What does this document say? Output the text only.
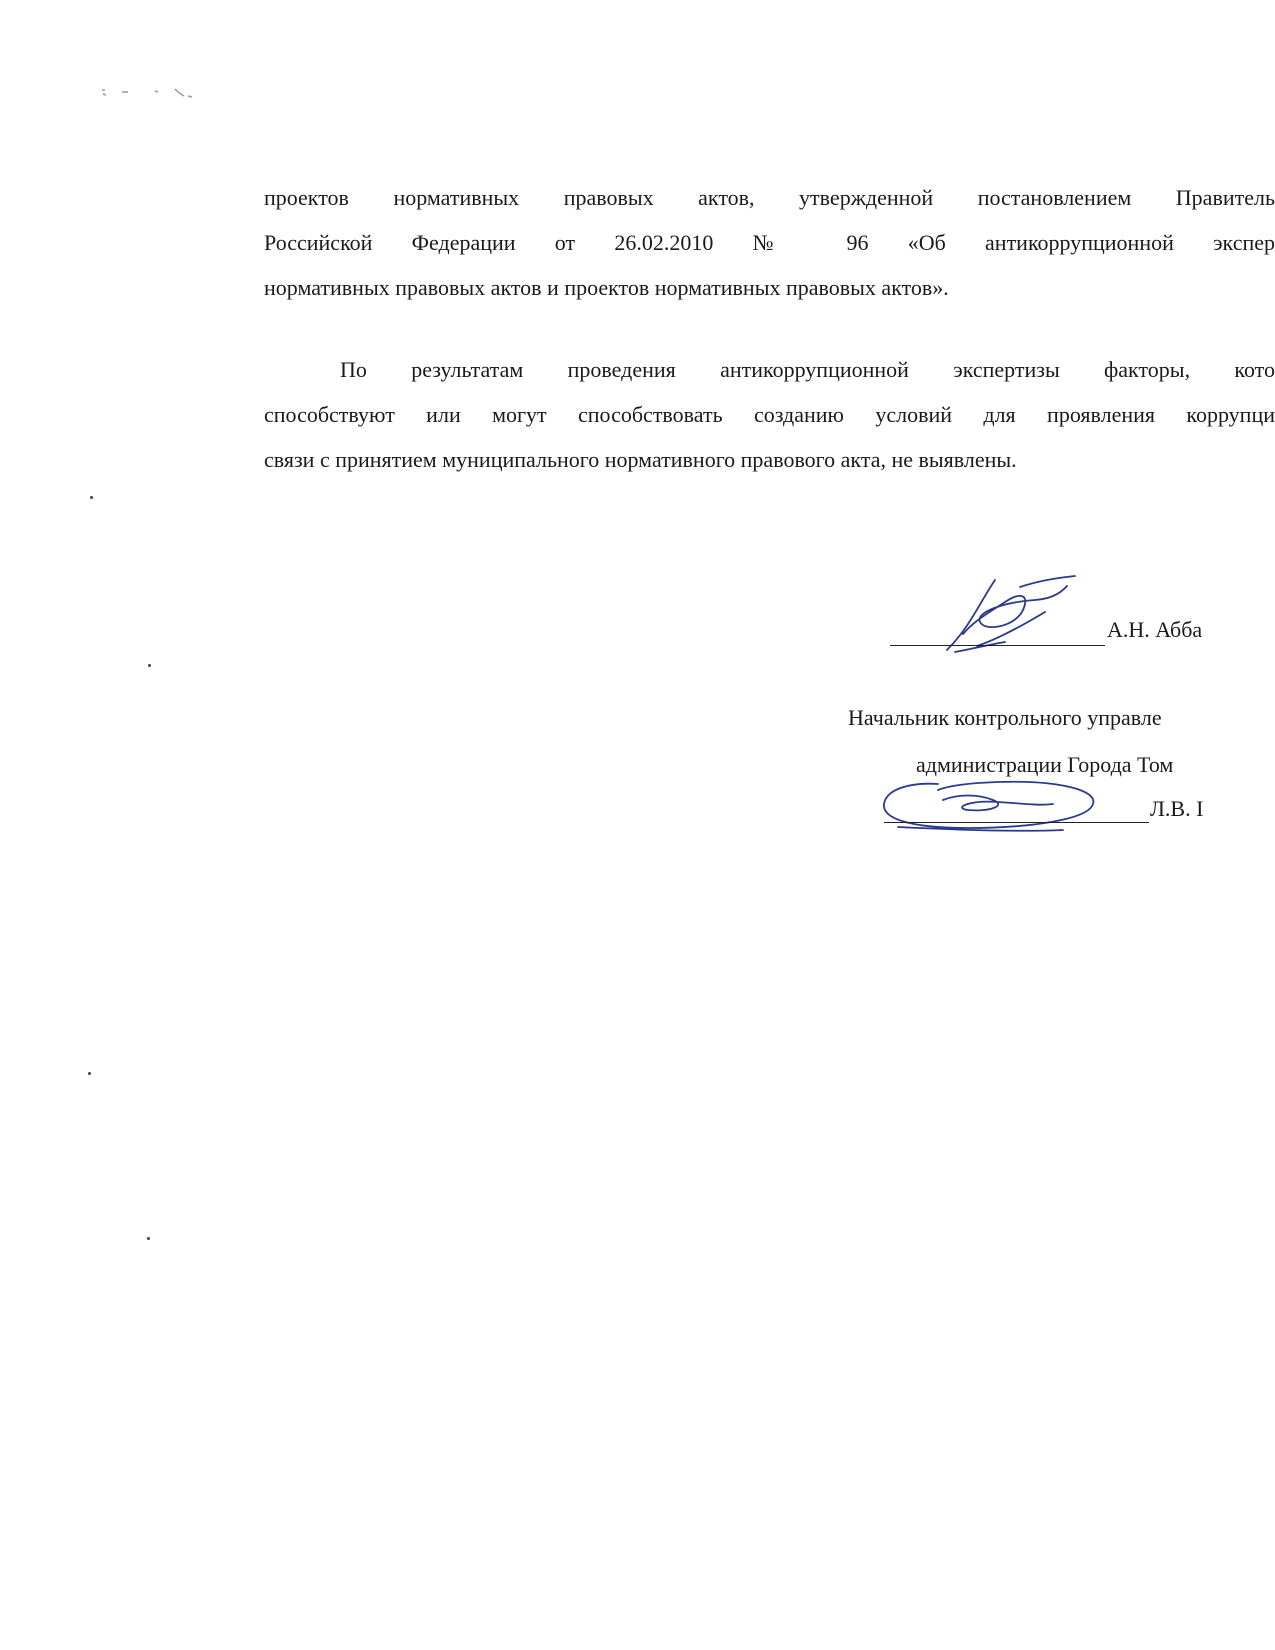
проектов нормативных правовых актов, утвержденной постановлением Правитель
Российской Федерации от 26.02.2010 № 96 «Об антикоррупционной экспер
нормативных правовых актов и проектов нормативных правовых актов».

По результатам проведения антикоррупционной экспертизы факторы, кото
способствуют или могут способствовать созданию условий для проявления коррупци
связи с принятием муниципального нормативного правового акта, не выявлены.

А.Н. Абба
Начальник контрольного управле
администрации Города Том
Л.В. I
